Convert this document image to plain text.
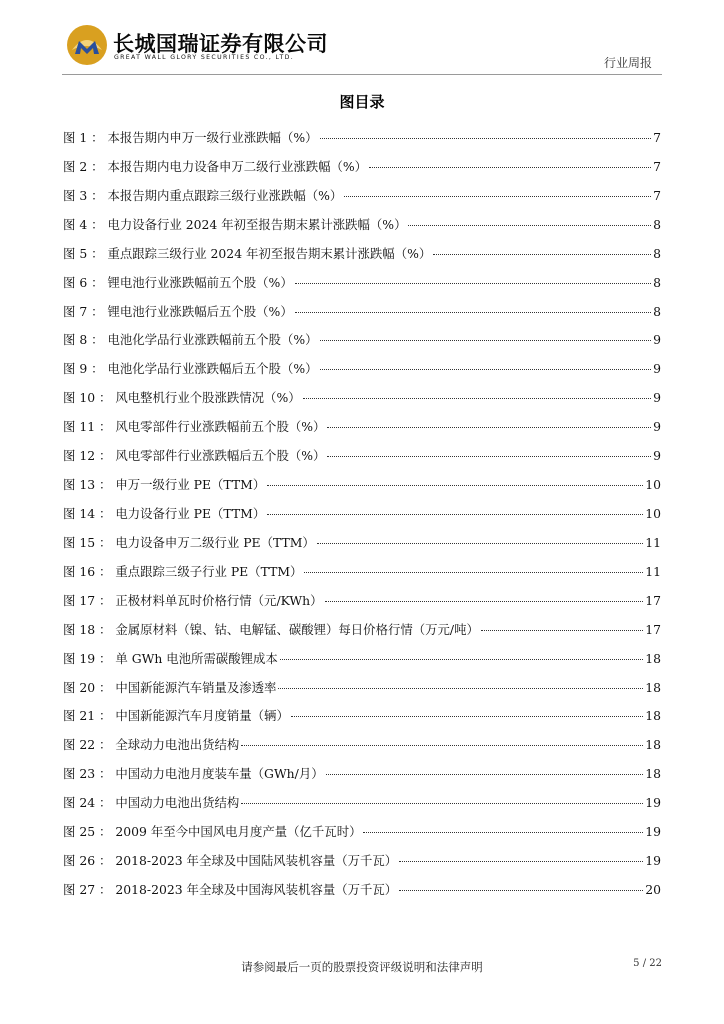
长城国瑞证券有限公司
GREAT WALL GLORY SECURITIES CO., LTD.	行业周报
图目录
图 1 ： 本报告期内申万一级行业涨跌幅（%）	7
图 2 ： 本报告期内电力设备申万二级行业涨跌幅（%）	7
图 3 ： 本报告期内重点跟踪三级行业涨跌幅（%）	7
图 4 ： 电力设备行业 2024 年初至报告期末累计涨跌幅（%）	8
图 5 ： 重点跟踪三级行业 2024 年初至报告期末累计涨跌幅（%）	8
图 6 ： 锂电池行业涨跌幅前五个股（%）	8
图 7 ： 锂电池行业涨跌幅后五个股（%）	8
图 8 ： 电池化学品行业涨跌幅前五个股（%）	9
图 9 ： 电池化学品行业涨跌幅后五个股（%）	9
图 10 ： 风电整机行业个股涨跌情况（%）	9
图 11 ： 风电零部件行业涨跌幅前五个股（%）	9
图 12 ： 风电零部件行业涨跌幅后五个股（%）	9
图 13 ： 申万一级行业 PE（TTM）	10
图 14 ： 电力设备行业 PE（TTM）	10
图 15 ： 电力设备申万二级行业 PE（TTM）	11
图 16 ： 重点跟踪三级子行业 PE（TTM）	11
图 17 ： 正极材料单瓦时价格行情（元/KWh）	17
图 18 ： 金属原材料（镍、钴、电解锰、碳酸锂）每日价格行情（万元/吨）	17
图 19 ： 单 GWh 电池所需碳酸锂成本	18
图 20 ： 中国新能源汽车销量及渗透率	18
图 21 ： 中国新能源汽车月度销量（辆）	18
图 22 ： 全球动力电池出货结构	18
图 23 ： 中国动力电池月度装车量（GWh/月）	18
图 24 ： 中国动力电池出货结构	19
图 25 ： 2009 年至今中国风电月度产量（亿千瓦时）	19
图 26 ： 2018-2023 年全球及中国陆风装机容量（万千瓦）	19
图 27 ： 2018-2023 年全球及中国海风装机容量（万千瓦）	20
请参阅最后一页的股票投资评级说明和法律声明	5 / 22
